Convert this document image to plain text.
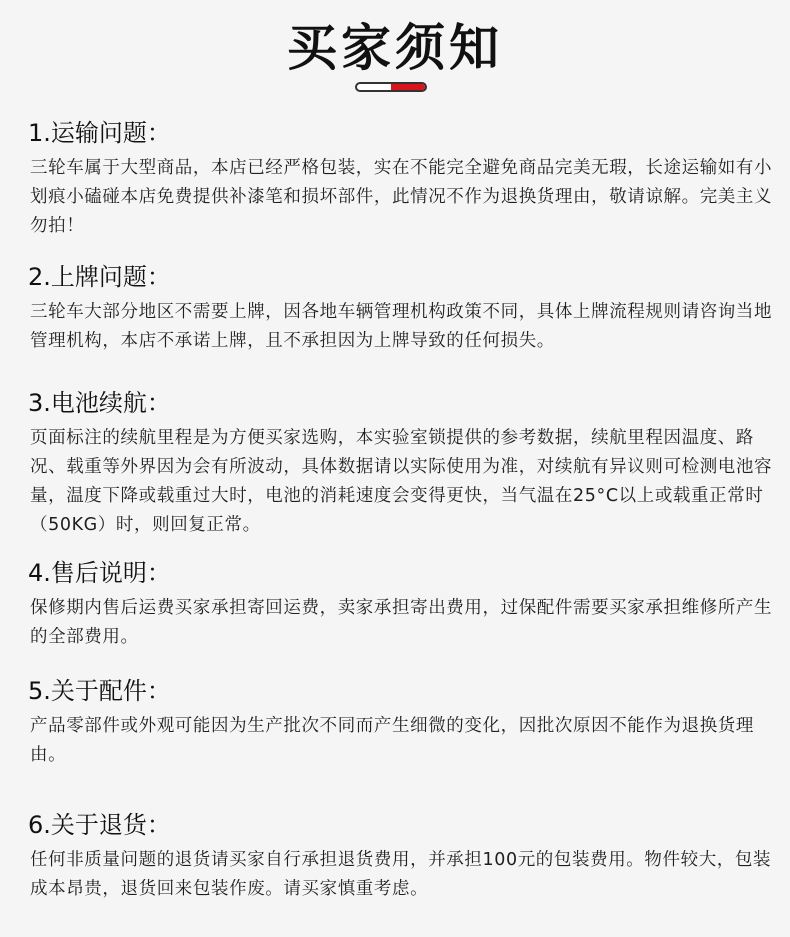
买家须知
1.运输问题：
三轮车属于大型商品，本店已经严格包装，实在不能完全避免商品完美无瑕，长途运输如有小划痕小磕碰本店免费提供补漆笔和损坏部件，此情况不作为退换货理由，敬请谅解。完美主义勿拍！
2.上牌问题：
三轮车大部分地区不需要上牌，因各地车辆管理机构政策不同，具体上牌流程规则请咨询当地管理机构，本店不承诺上牌，且不承担因为上牌导致的任何损失。
3.电池续航：
页面标注的续航里程是为方便买家选购，本实验室锁提供的参考数据，续航里程因温度、路况、载重等外界因为会有所波动，具体数据请以实际使用为准，对续航有异议则可检测电池容量，温度下降或载重过大时，电池的消耗速度会变得更快，当气温在25°C以上或载重正常时（50KG）时，则回复正常。
4.售后说明：
保修期内售后运费买家承担寄回运费，卖家承担寄出费用，过保配件需要买家承担维修所产生的全部费用。
5.关于配件：
产品零部件或外观可能因为生产批次不同而产生细微的变化，因批次原因不能作为退换货理由。
6.关于退货：
任何非质量问题的退货请买家自行承担退货费用，并承担100元的包装费用。物件较大，包装成本昂贵，退货回来包装作废。请买家慎重考虑。
